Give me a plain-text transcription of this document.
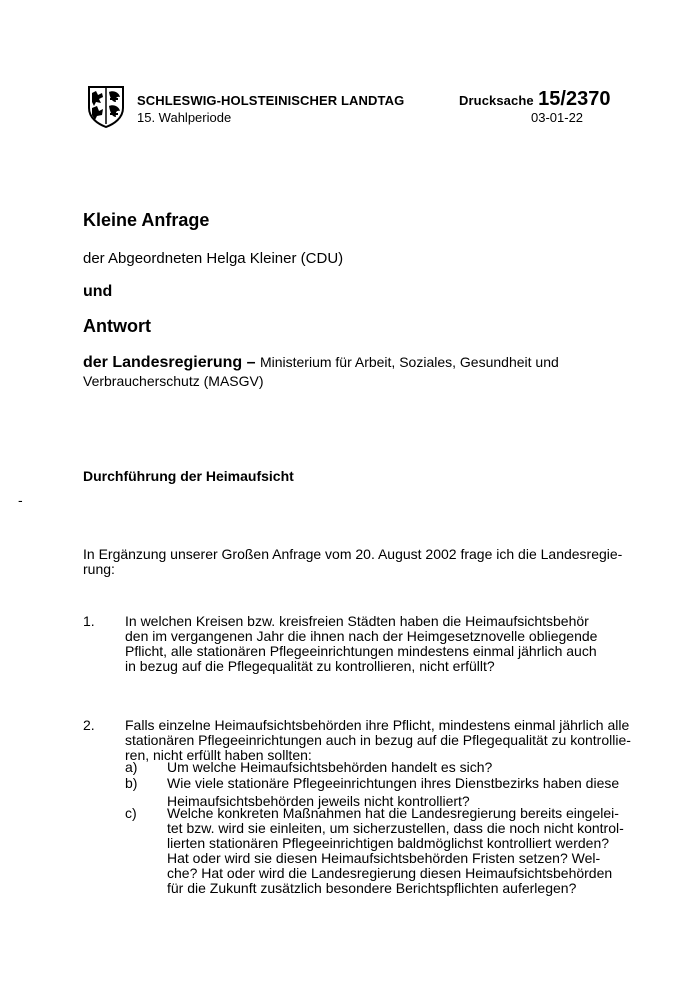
SCHLESWIG-HOLSTEINISCHER LANDTAG
15. Wahlperiode
Drucksache 15/2370
03-01-22
Kleine Anfrage
der Abgeordneten Helga Kleiner (CDU)
und
Antwort
der Landesregierung – Ministerium für Arbeit, Soziales, Gesundheit und
Verbraucherschutz (MASGV)
Durchführung der Heimaufsicht
-
In Ergänzung unserer Großen Anfrage vom 20. August 2002 frage ich die Landesregie-
rung:
1. In welchen Kreisen bzw. kreisfreien Städten haben die Heimaufsichtsbehör
den im vergangenen Jahr die ihnen nach der Heimgesetznovelle obliegende
Pflicht, alle stationären Pflegeeinrichtungen mindestens einmal jährlich auch
in bezug auf die Pflegequalität zu kontrollieren, nicht erfüllt?
2. Falls einzelne Heimaufsichtsbehörden ihre Pflicht, mindestens einmal jährlich alle
stationären Pflegeeinrichtungen auch in bezug auf die Pflegequalität zu kontrollie-
ren, nicht erfüllt haben sollten:
a) Um welche Heimaufsichtsbehörden handelt es sich?
b) Wie viele stationäre Pflegeeinrichtungen ihres Dienstbezirks haben diese
Heimaufsichtsbehörden jeweils nicht kontrolliert?
c) Welche konkreten Maßnahmen hat die Landesregierung bereits eingelei-
tet bzw. wird sie einleiten, um sicherzustellen, dass die noch nicht kontrol-
lierten stationären Pflegeeinrichtigen baldmöglichst kontrolliert werden?
Hat oder wird sie diesen Heimaufsichtsbehörden Fristen setzen? Wel-
che? Hat oder wird die Landesregierung diesen Heimaufsichtsbehörden
für die Zukunft zusätzlich besondere Berichtspflichten auferlegen?
